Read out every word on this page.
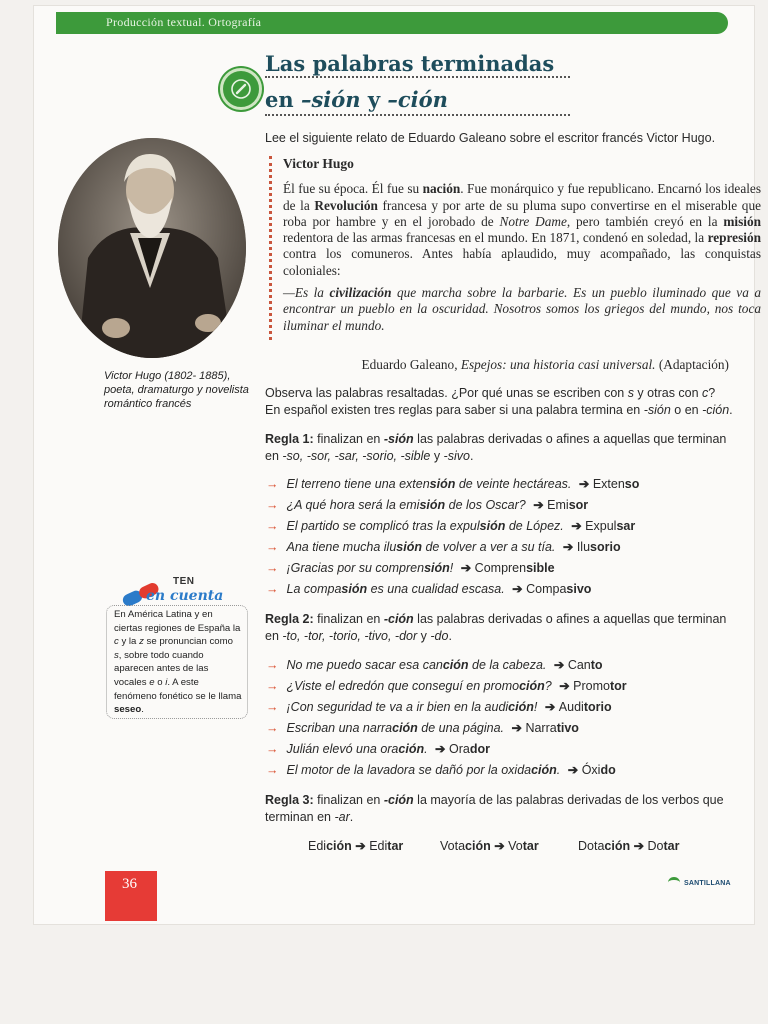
Producción textual. Ortografía
Las palabras terminadas
en –sión y –ción
Lee el siguiente relato de Eduardo Galeano sobre el escritor francés Victor Hugo.
Victor Hugo

Él fue su época. Él fue su nación. Fue monárquico y fue republicano. Encarnó los ideales de la Revolución francesa y por arte de su pluma supo convertirse en el miserable que roba por hambre y en el jorobado de Notre Dame, pero también creyó en la misión redentora de las armas francesas en el mundo. En 1871, condenó en soledad, la represión contra los comuneros. Antes había aplaudido, muy acompañado, las conquistas coloniales:

—Es la civilización que marcha sobre la barbarie. Es un pueblo iluminado que va a encontrar un pueblo en la oscuridad. Nosotros somos los griegos del mundo, nos toca iluminar el mundo.

Eduardo Galeano, Espejos: una historia casi universal. (Adaptación)
Victor Hugo (1802- 1885), poeta, dramaturgo y novelista romántico francés
TEN
en cuenta
En América Latina y en ciertas regiones de España la c y la z se pronuncian como s, sobre todo cuando aparecen antes de las vocales e o i. A este fenómeno fonético se le llama seseo.
Observa las palabras resaltadas. ¿Por qué unas se escriben con s y otras con c? En español existen tres reglas para saber si una palabra termina en -sión o en -ción.
Regla 1: finalizan en -sión las palabras derivadas o afines a aquellas que terminan en -so, -sor, -sar, -sorio, -sible y -sivo.
→ El terreno tiene una extensión de veinte hectáreas. ➔ Extenso
→ ¿A qué hora será la emisión de los Oscar? ➔ Emisor
→ El partido se complicó tras la expulsión de López. ➔ Expulsar
→ Ana tiene mucha ilusión de volver a ver a su tía. ➔ Ilusorio
→ ¡Gracias por su comprensión! ➔ Comprensible
→ La compasión es una cualidad escasa. ➔ Compasivo
Regla 2: finalizan en -ción las palabras derivadas o afines a aquellas que terminan en -to, -tor, -torio, -tivo, -dor y -do.
→ No me puedo sacar esa canción de la cabeza. ➔ Canto
→ ¿Viste el edredón que conseguí en promoción? ➔ Promotor
→ ¡Con seguridad te va a ir bien en la audición! ➔ Auditorio
→ Escriban una narración de una página. ➔ Narrativo
→ Julián elevó una oración. ➔ Orador
→ El motor de la lavadora se dañó por la oxidación. ➔ Óxido
Regla 3: finalizan en -ción la mayoría de las palabras derivadas de los verbos que terminan en -ar.
Edición ➔ Editar	Votación ➔ Votar	Dotación ➔ Dotar
36	SANTILLANA
